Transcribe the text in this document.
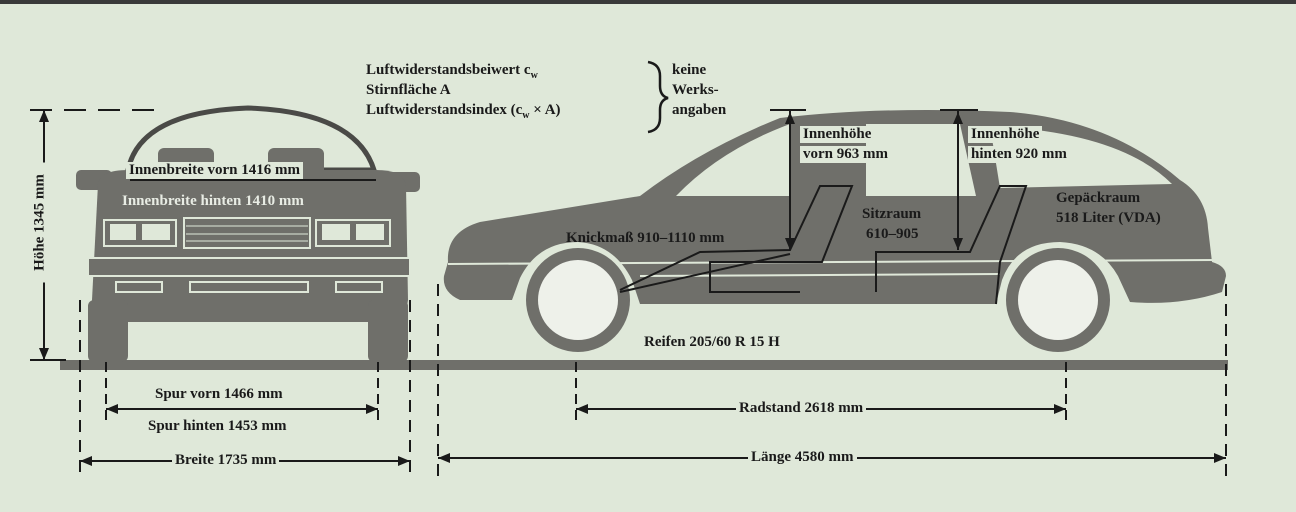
Luftwiderstandsbeiwert $c_w$
Stirnfläche A
Luftwiderstandsindex $(c_w \times A)$
keine
Werks-
angaben
Innenbreite vorn 1416 mm
Innenbreite hinten 1410 mm
Höhe 1345 mm
Spur vorn 1466 mm
Spur hinten 1453 mm
Breite 1735 mm
Innenhöhe
vorn 963 mm
Innenhöhe
hinten 920 mm
Gepäckraum
518 Liter (VDA)
Sitzraum
610–905
Knickmaß 910–1110 mm
Reifen 205/60 R 15 H
Radstand 2618 mm
Länge 4580 mm
